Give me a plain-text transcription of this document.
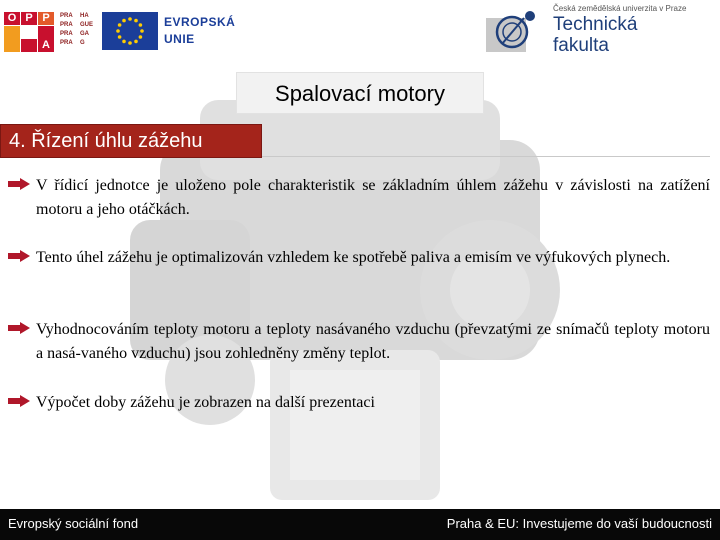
O P P
A
PRA
PRA
PRA
PRA
HA
GUE
GA
G
EVROPSKÁ
UNIE
Česká zemědělská univerzita v Praze
Technická
fakulta
Spalovací motory
4. Řízení úhlu zážehu
V řídicí jednotce je uloženo pole charakteristik se základním úhlem zážehu v závislosti na zatížení motoru a jeho otáčkách.
Tento úhel zážehu je optimalizován vzhledem ke spotřebě paliva a emisím ve výfukových plynech.
Vyhodnocováním teploty motoru a teploty nasávaného vzduchu (převzatými ze snímačů teploty motoru a nasá-vaného vzduchu) jsou zohledněny změny teplot.
Výpočet doby zážehu je zobrazen na další prezentaci
Evropský sociální fond	Praha & EU: Investujeme do vaší budoucnosti
